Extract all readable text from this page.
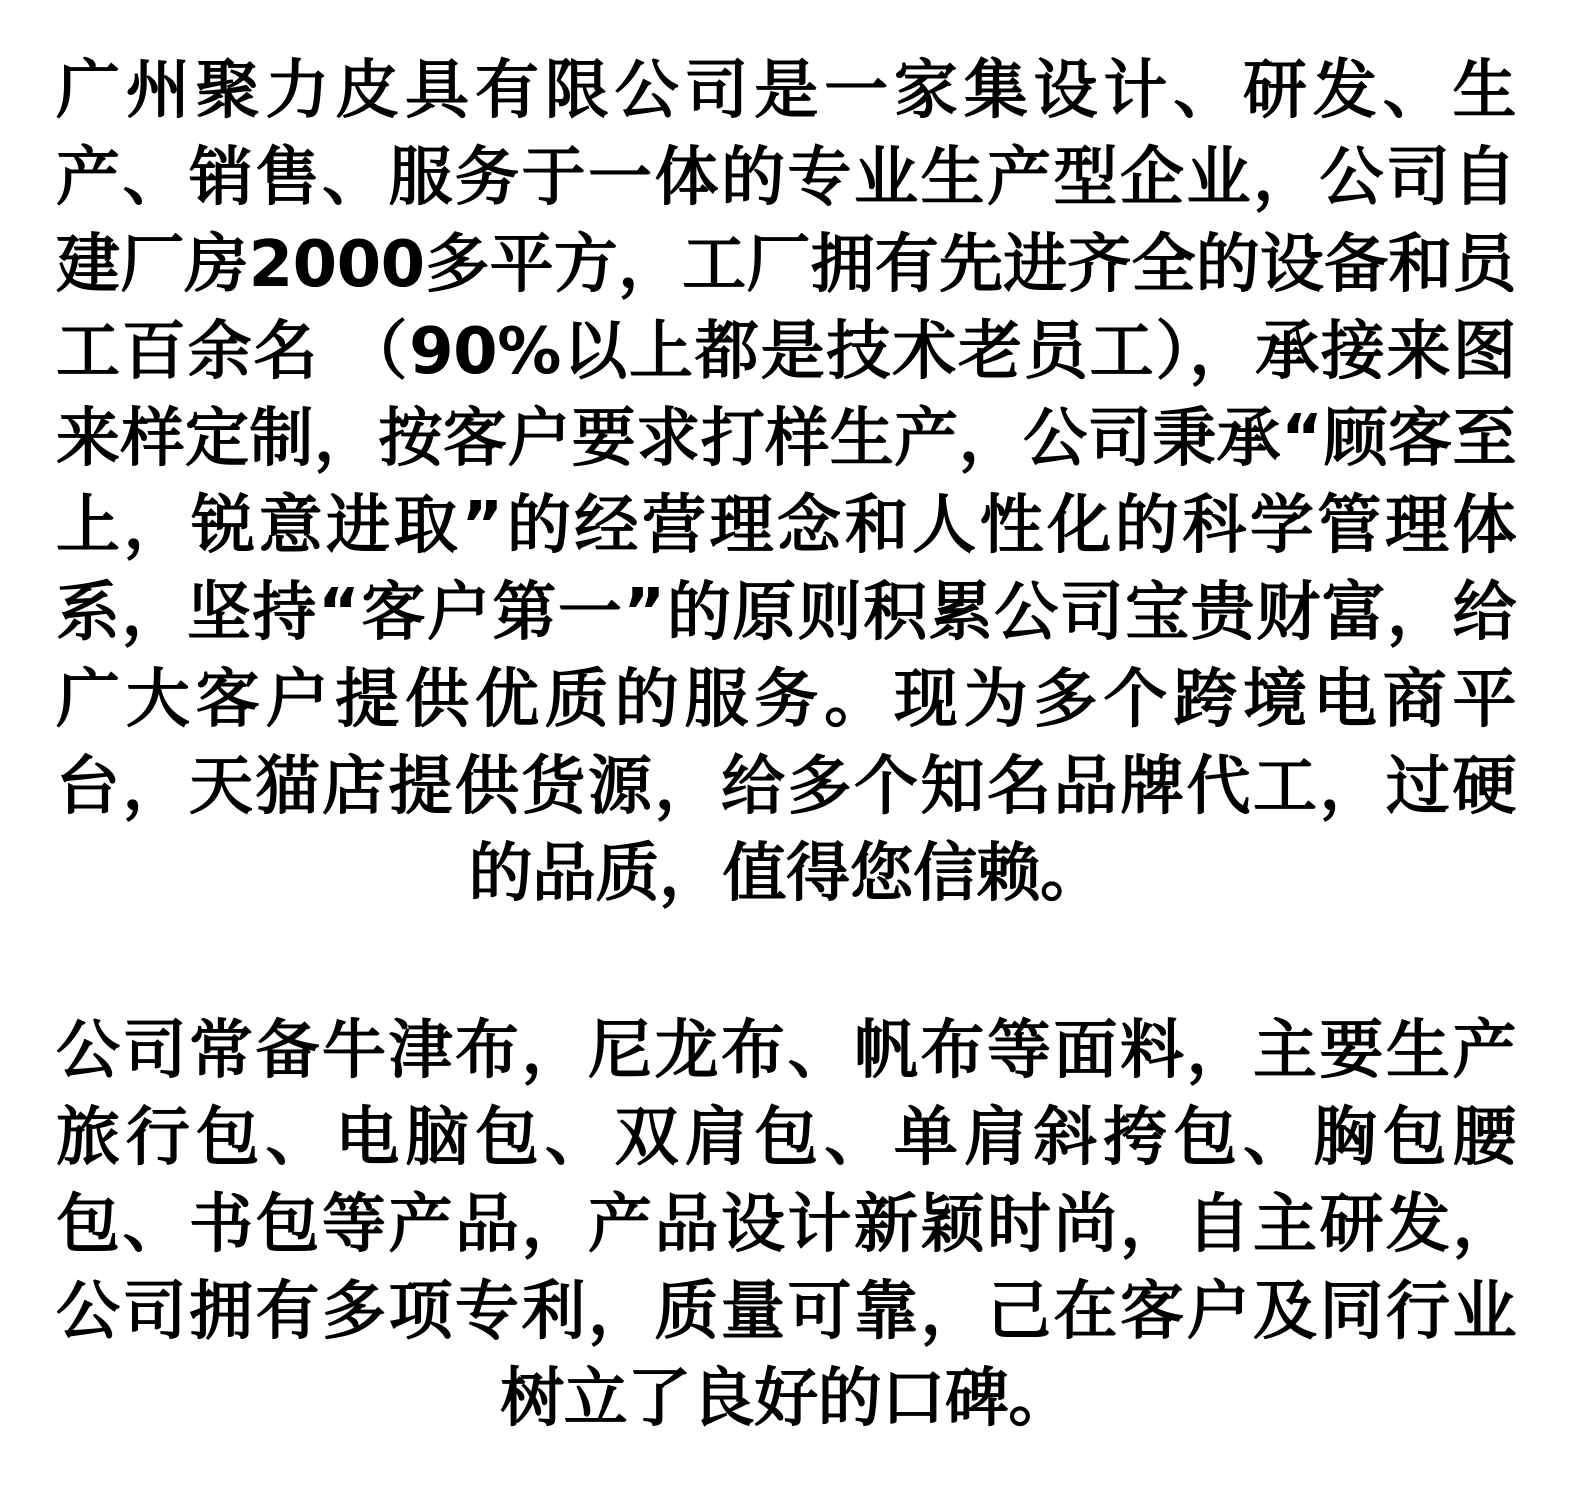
广州聚力皮具有限公司是一家集设计、研发、生产、销售、服务于一体的专业生产型企业，公司自建厂房2000多平方，工厂拥有先进齐全的设备和员工百余名 （90%以上都是技术老员工），承接来图来样定制，按客户要求打样生产，公司秉承“顾客至上，锐意进取”的经营理念和人性化的科学管理体系，坚持“客户第一”的原则积累公司宝贵财富，给广大客户提供优质的服务。现为多个跨境电商平台，天猫店提供货源，给多个知名品牌代工，过硬的品质，值得您信赖。

公司常备牛津布，尼龙布、帆布等面料，主要生产旅行包、电脑包、双肩包、单肩斜挎包、胸包腰包、书包等产品，产品设计新颖时尚，自主研发，公司拥有多项专利，质量可靠，己在客户及同行业树立了良好的口碑。
